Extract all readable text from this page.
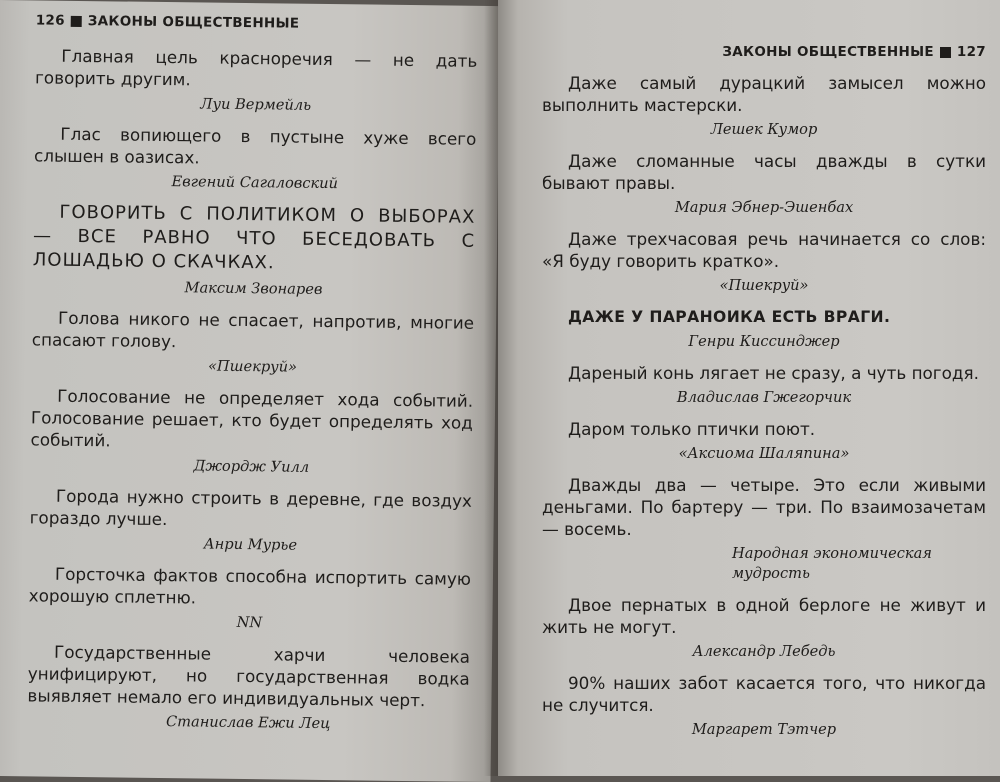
126 ЗАКОНЫ ОБЩЕСТВЕННЫЕ

Главная цель красноречия — не дать говорить другим.

Луи Вермейль

Глас вопиющего в пустыне хуже всего слышен в оазисах.

Евгений Сагаловский

ГОВОРИТЬ С ПОЛИТИКОМ О ВЫБОРАХ — ВСЕ РАВНО ЧТО БЕСЕДОВАТЬ С ЛОШАДЬЮ О СКАЧКАХ.

Максим Звонарев

Голова никого не спасает, напротив, многие спасают голову.

«Пшекруй»

Голосование не определяет хода событий. Голосование решает, кто будет определять ход событий.

Джордж Уилл

Города нужно строить в деревне, где воздух гораздо лучше.

Анри Мурье

Горсточка фактов способна испортить самую хорошую сплетню.

NN

Государственные харчи человека унифицируют, но государственная водка выявляет немало его индивидуальных черт.

Станислав Ежи Лец

ЗАКОНЫ ОБЩЕСТВЕННЫЕ 127

Даже самый дурацкий замысел можно выполнить мастерски.

Лешек Кумор

Даже сломанные часы дважды в сутки бывают правы.

Мария Эбнер-Эшенбах

Даже трехчасовая речь начинается со слов: «Я буду говорить кратко».

«Пшекруй»

ДАЖЕ У ПАРАНОИКА ЕСТЬ ВРАГИ.

Генри Киссинджер

Дареный конь лягает не сразу, а чуть погодя.

Владислав Гжегорчик

Даром только птички поют.

«Аксиома Шаляпина»

Дважды два — четыре. Это если живыми деньгами. По бартеру — три. По взаимозачетам — восемь.

Народная экономическая мудрость

Двое пернатых в одной берлоге не живут и жить не могут.

Александр Лебедь

90% наших забот касается того, что никогда не случится.

Маргарет Тэтчер
